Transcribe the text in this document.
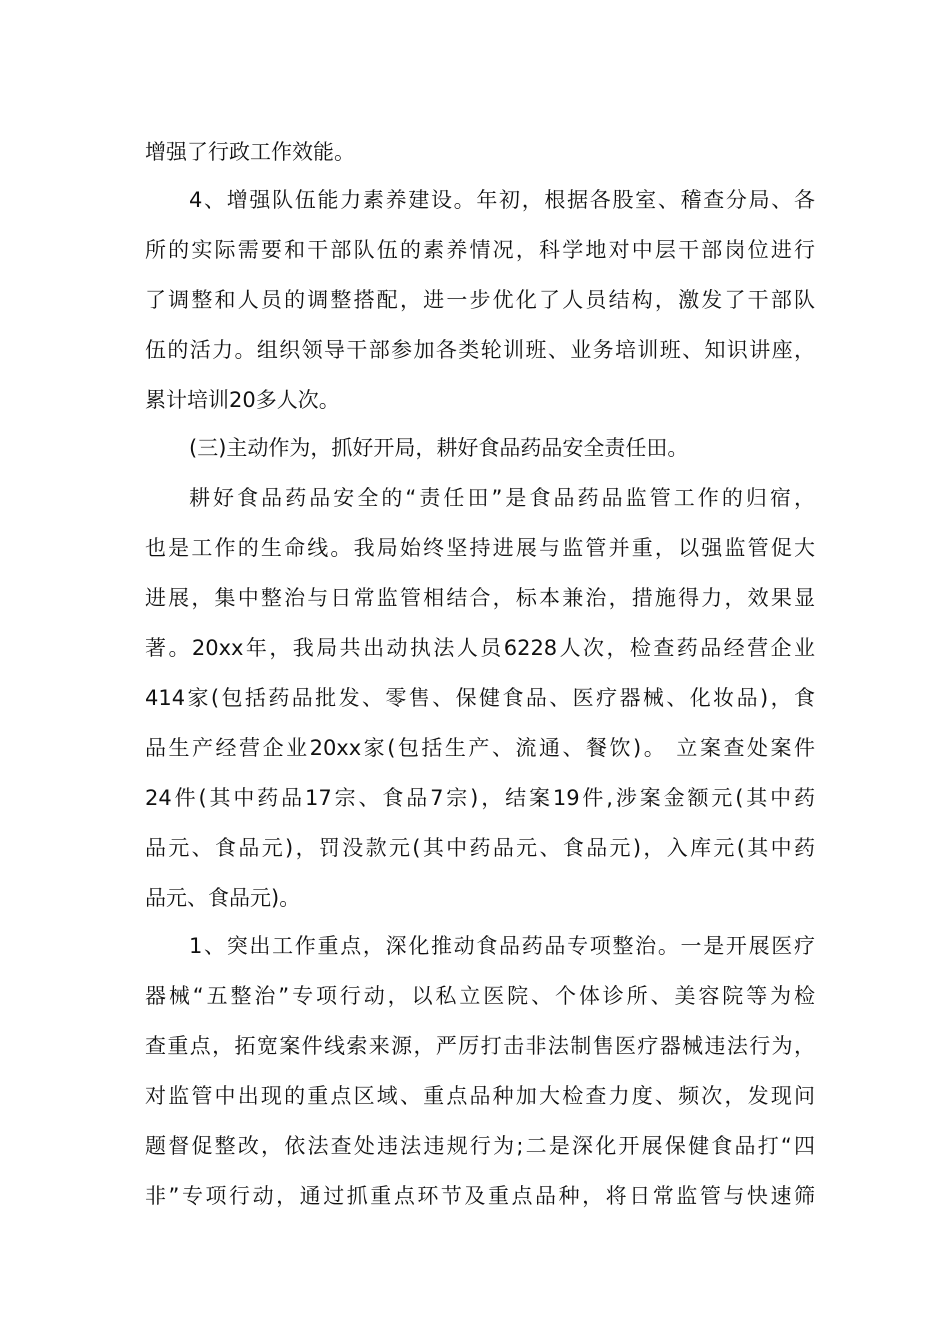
增强了行政工作效能。
4、增强队伍能力素养建设。年初，根据各股室、稽查分局、各
所的实际需要和干部队伍的素养情况，科学地对中层干部岗位进行
了调整和人员的调整搭配，进一步优化了人员结构，激发了干部队
伍的活力。组织领导干部参加各类轮训班、业务培训班、知识讲座，
累计培训20多人次。
(三)主动作为，抓好开局，耕好食品药品安全责任田。
耕好食品药品安全的“责任田”是食品药品监管工作的归宿，
也是工作的生命线。我局始终坚持进展与监管并重，以强监管促大
进展，集中整治与日常监管相结合，标本兼治，措施得力，效果显
著。20xx年，我局共出动执法人员6228人次，检查药品经营企业
414家(包括药品批发、零售、保健食品、医疗器械、化妆品)，食
品生产经营企业20xx家(包括生产、流通、餐饮)。 立案查处案件
24件(其中药品17宗、食品7宗)，结案19件,涉案金额元(其中药
品元、食品元)，罚没款元(其中药品元、食品元)，入库元(其中药
品元、食品元)。
1、突出工作重点，深化推动食品药品专项整治。一是开展医疗
器械“五整治”专项行动，以私立医院、个体诊所、美容院等为检
查重点，拓宽案件线索来源，严厉打击非法制售医疗器械违法行为，
对监管中出现的重点区域、重点品种加大检查力度、频次，发现问
题督促整改，依法查处违法违规行为;二是深化开展保健食品打“四
非”专项行动，通过抓重点环节及重点品种，将日常监管与快速筛
